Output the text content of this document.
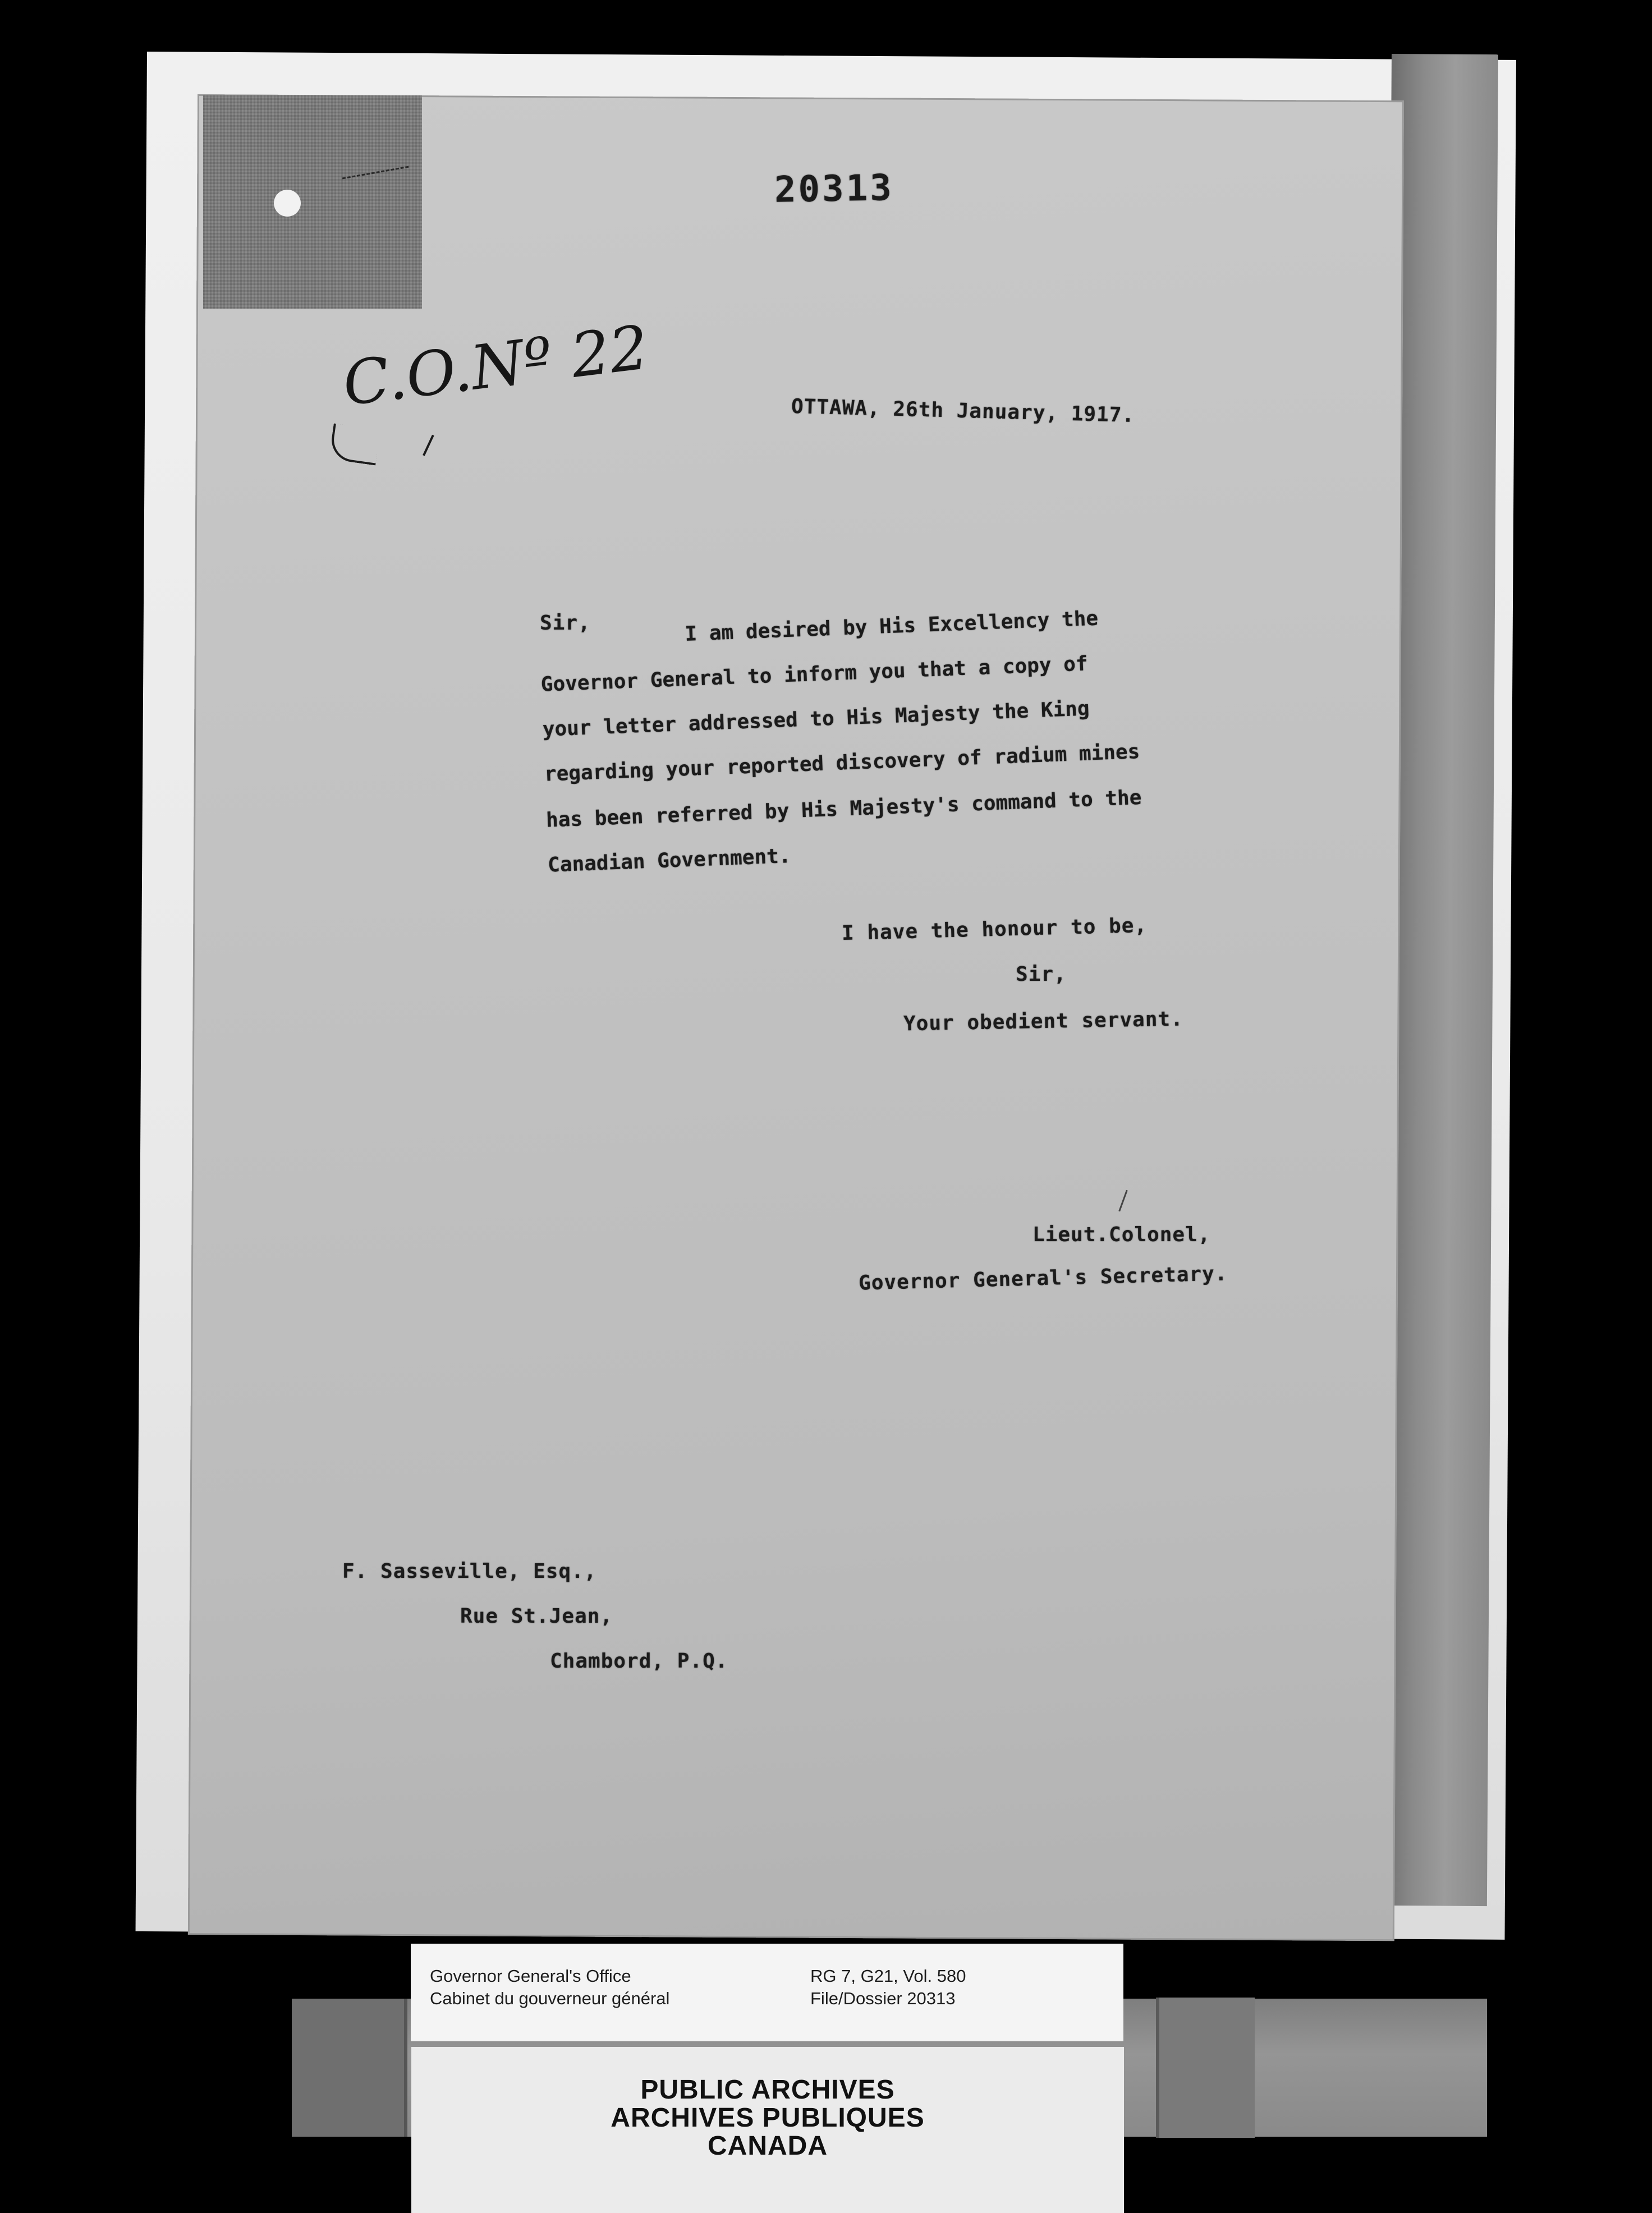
20313
C.O.Nº 22	OTTAWA, 26th January, 1917.
Sir,	I am desired by His Excellency the
Governor General to inform you that a copy of
your letter addressed to His Majesty the King
regarding your reported discovery of radium mines
has been referred by His Majesty's command to the
Canadian Government.
I have the honour to be,
Sir,
Your obedient servant.
Lieut.Colonel,
Governor General's Secretary.
F. Sasseville, Esq.,
Rue St.Jean,
Chambord, P.Q.
Governor General's Office
Cabinet du gouverneur général
RG 7, G21, Vol. 580
File/Dossier 20313
PUBLIC ARCHIVES
ARCHIVES PUBLIQUES
CANADA
